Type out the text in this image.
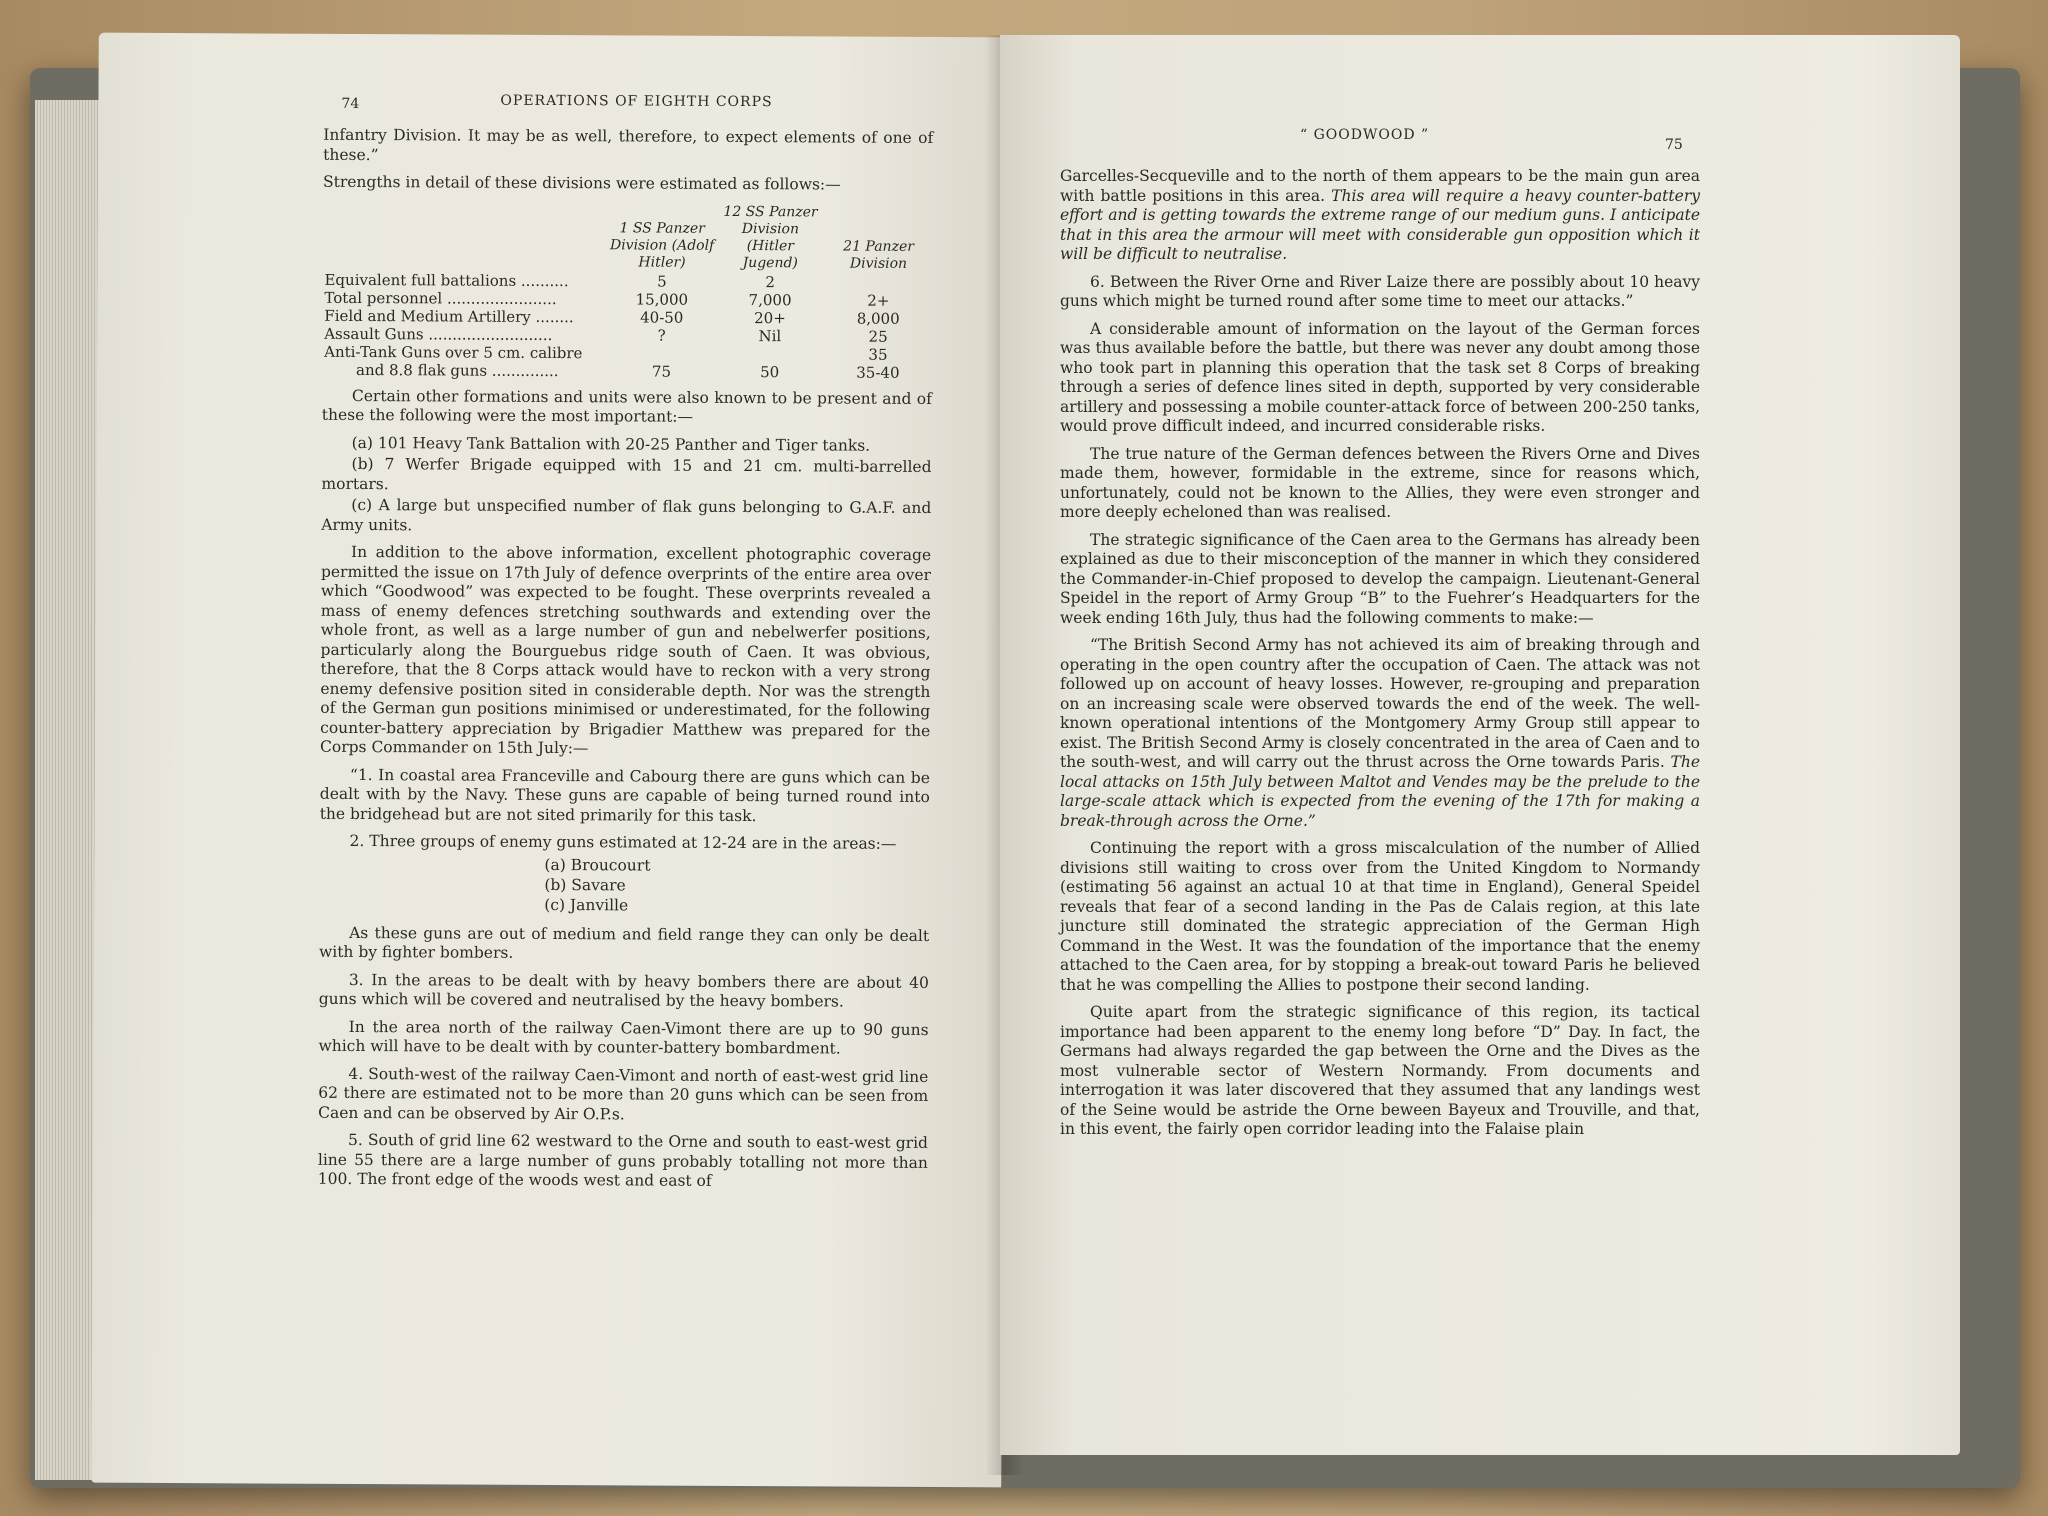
74	OPERATIONS OF EIGHTH CORPS

Infantry Division. It may be as well, therefore, to expect elements of one of these.”

Strengths in detail of these divisions were estimated as follows:—

	1 SS Panzer Division (Adolf Hitler)	12 SS Panzer Division (Hitler Jugend)	21 Panzer Division
Equivalent full battalions ..........	5	2	
Total personnel .......................	15,000	7,000	2+
Field and Medium Artillery ........	40-50	20+	8,000
Assault Guns ..........................	?	Nil	25
Anti-Tank Guns over 5 cm. calibre			35
and 8.8 flak guns ..............	75	50	35-40

Certain other formations and units were also known to be present and of these the following were the most important:—

(a) 101 Heavy Tank Battalion with 20-25 Panther and Tiger tanks.

(b) 7 Werfer Brigade equipped with 15 and 21 cm. multi-barrelled mortars.

(c) A large but unspecified number of flak guns belonging to G.A.F. and Army units.

In addition to the above information, excellent photographic coverage permitted the issue on 17th July of defence overprints of the entire area over which “Goodwood” was expected to be fought. These overprints revealed a mass of enemy defences stretching southwards and extending over the whole front, as well as a large number of gun and nebelwerfer positions, particularly along the Bourguebus ridge south of Caen. It was obvious, therefore, that the 8 Corps attack would have to reckon with a very strong enemy defensive position sited in considerable depth. Nor was the strength of the German gun positions minimised or underestimated, for the following counter-battery appreciation by Brigadier Matthew was prepared for the Corps Commander on 15th July:—

“1. In coastal area Franceville and Cabourg there are guns which can be dealt with by the Navy. These guns are capable of being turned round into the bridgehead but are not sited primarily for this task.

2. Three groups of enemy guns estimated at 12-24 are in the areas:—

(a) Broucourt
(b) Savare
(c) Janville

As these guns are out of medium and field range they can only be dealt with by fighter bombers.

3. In the areas to be dealt with by heavy bombers there are about 40 guns which will be covered and neutralised by the heavy bombers.

In the area north of the railway Caen-Vimont there are up to 90 guns which will have to be dealt with by counter-battery bombardment.

4. South-west of the railway Caen-Vimont and north of east-west grid line 62 there are estimated not to be more than 20 guns which can be seen from Caen and can be observed by Air O.P.s.

5. South of grid line 62 westward to the Orne and south to east-west grid line 55 there are a large number of guns probably totalling not more than 100. The front edge of the woods west and east of

“ GOODWOOD ”
75

Garcelles-Secqueville and to the north of them appears to be the main gun area with battle positions in this area. This area will require a heavy counter-battery effort and is getting towards the extreme range of our medium guns. I anticipate that in this area the armour will meet with considerable gun opposition which it will be difficult to neutralise.

6. Between the River Orne and River Laize there are possibly about 10 heavy guns which might be turned round after some time to meet our attacks.”

A considerable amount of information on the layout of the German forces was thus available before the battle, but there was never any doubt among those who took part in planning this operation that the task set 8 Corps of breaking through a series of defence lines sited in depth, supported by very considerable artillery and possessing a mobile counter-attack force of between 200-250 tanks, would prove difficult indeed, and incurred considerable risks.

The true nature of the German defences between the Rivers Orne and Dives made them, however, formidable in the extreme, since for reasons which, unfortunately, could not be known to the Allies, they were even stronger and more deeply echeloned than was realised.

The strategic significance of the Caen area to the Germans has already been explained as due to their misconception of the manner in which they considered the Commander-in-Chief proposed to develop the campaign. Lieutenant-General Speidel in the report of Army Group “B” to the Fuehrer’s Headquarters for the week ending 16th July, thus had the following comments to make:—

“The British Second Army has not achieved its aim of breaking through and operating in the open country after the occupation of Caen. The attack was not followed up on account of heavy losses. However, re-grouping and preparation on an increasing scale were observed towards the end of the week. The well-known operational intentions of the Montgomery Army Group still appear to exist. The British Second Army is closely concentrated in the area of Caen and to the south-west, and will carry out the thrust across the Orne towards Paris. The local attacks on 15th July between Maltot and Vendes may be the prelude to the large-scale attack which is expected from the evening of the 17th for making a break-through across the Orne.”

Continuing the report with a gross miscalculation of the number of Allied divisions still waiting to cross over from the United Kingdom to Normandy (estimating 56 against an actual 10 at that time in England), General Speidel reveals that fear of a second landing in the Pas de Calais region, at this late juncture still dominated the strategic appreciation of the German High Command in the West. It was the foundation of the importance that the enemy attached to the Caen area, for by stopping a break-out toward Paris he believed that he was compelling the Allies to postpone their second landing.

Quite apart from the strategic significance of this region, its tactical importance had been apparent to the enemy long before “D” Day. In fact, the Germans had always regarded the gap between the Orne and the Dives as the most vulnerable sector of Western Normandy. From documents and interrogation it was later discovered that they assumed that any landings west of the Seine would be astride the Orne beween Bayeux and Trouville, and that, in this event, the fairly open corridor leading into the Falaise plain
